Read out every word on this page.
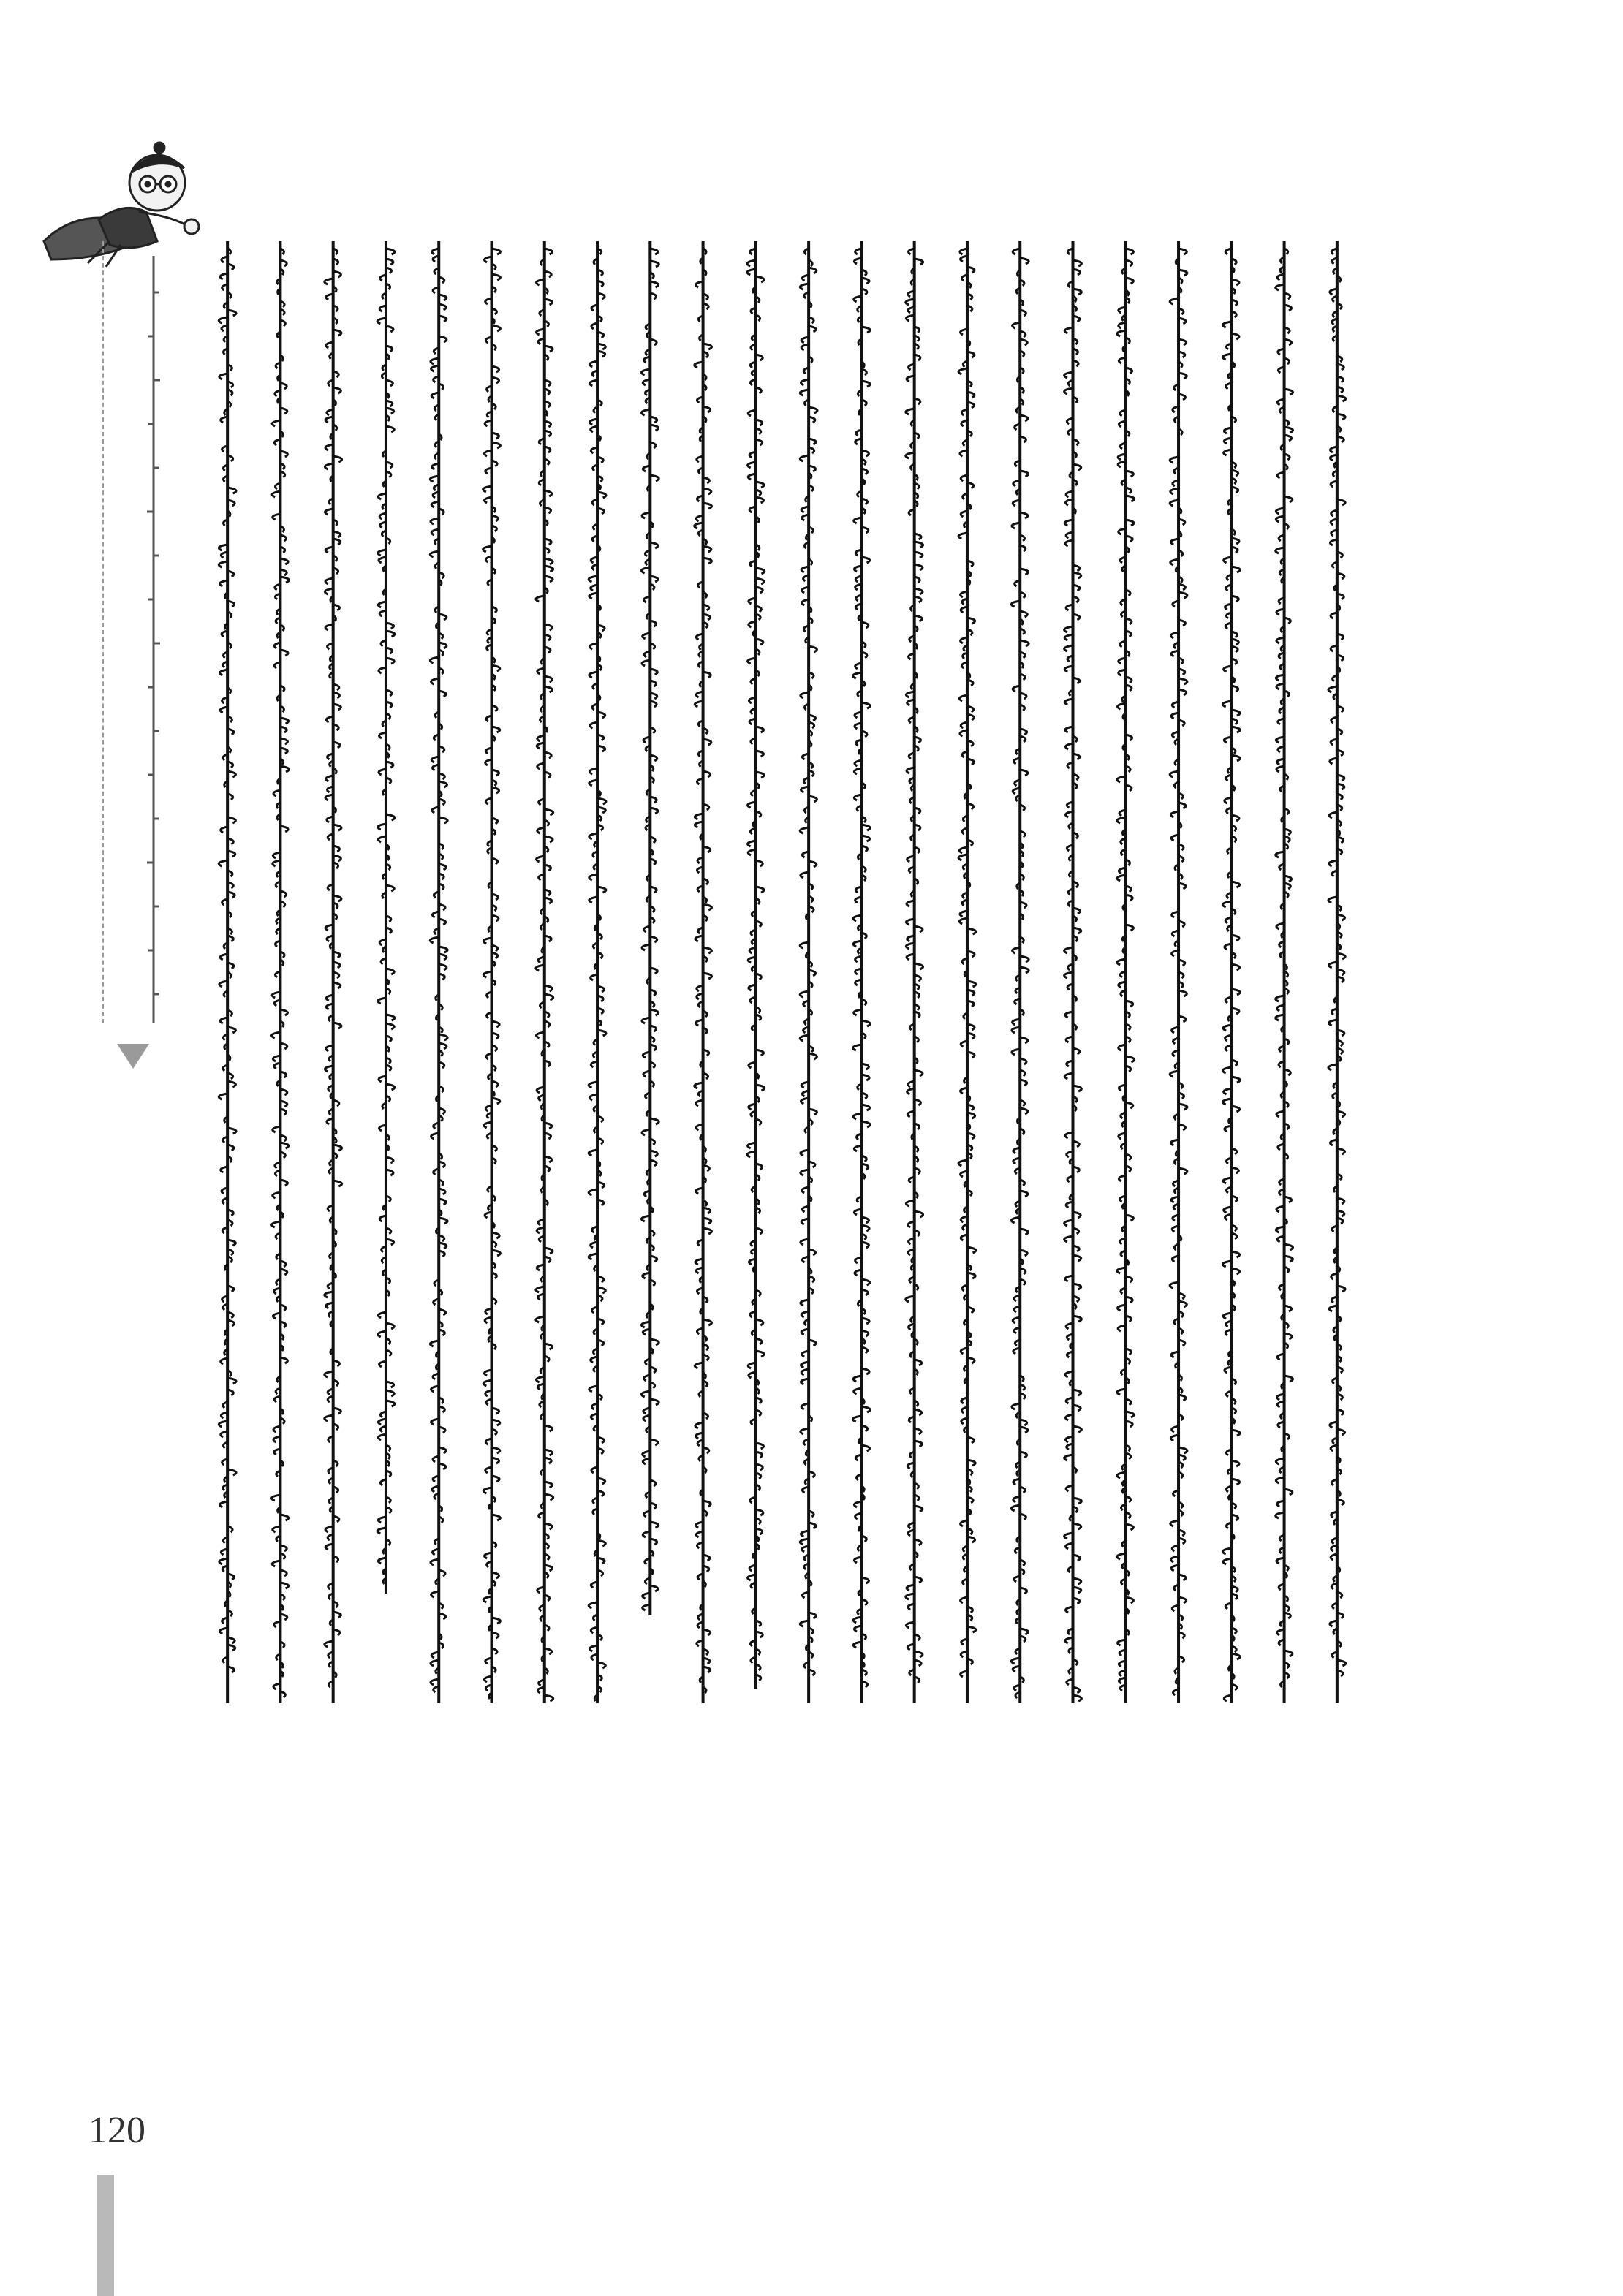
120
